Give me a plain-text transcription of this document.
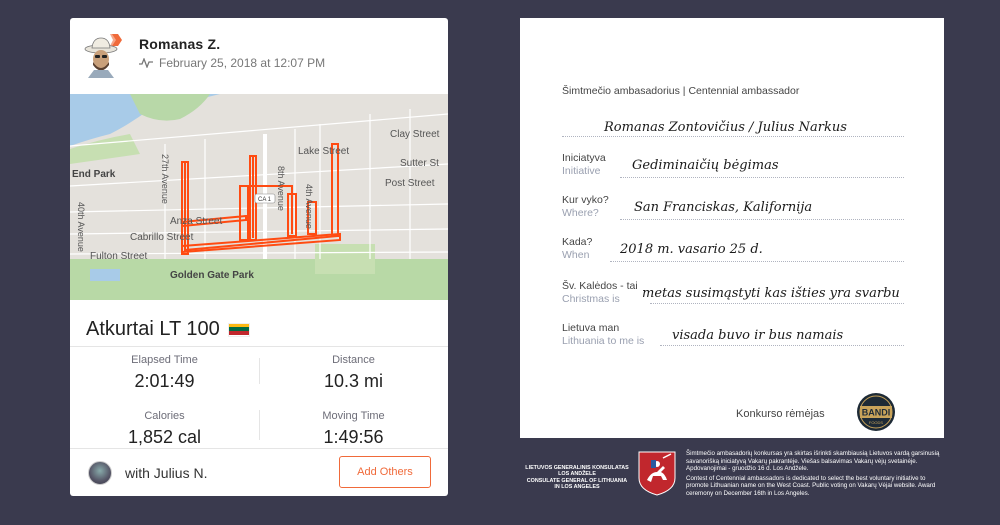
Romanas Z.
February 25, 2018 at 12:07 PM
Clay Street
Lake Street
Sutter St
Post Street
End Park
Anza Street
Cabrillo Street
Fulton Street
Golden Gate Park
27th Avenue	8th Avenue 4th Avenue
40th Avenue
CA 1
Atkurtai LT 100
Elapsed Time
2:01:49
Distance
10.3 mi
Calories
1,852 cal
Moving Time
1:49:56
with Julius N.	Add Others
Šimtmečio ambasadorius | Centennial ambassador
Romanas Zontovičius / Julius Narkus
Iniciatyva
Initiative	Gediminaičių bėgimas
Kur vyko?
Where?	San Franciskas, Kalifornija
Kada?
When	2018 m. vasario 25 d.
Šv. Kalėdos - tai
Christmas is	metas susimąstyti kas išties yra svarbu
Lietuva man
Lithuania to me is	visada buvo ir bus namais
Konkurso rėmėjas	BANDI
FOODS
LIETUVOS GENERALINIS KONSULATAS
LOS ANDŽELE
CONSULATE GENERAL OF LITHUANIA
IN LOS ANGELES
Šimtmečio ambasadorių konkursas yra skirtas išrinkti skambiausią Lietuvos vardą garsinusią savanorišką iniciatyvą Vakarų pakrantėje. Viešas balsavimas Vakarų vėjų svetainėje. Apdovanojimai - gruodžio 16 d. Los Andžele.
Contest of Centennial ambassadors is dedicated to select the best voluntary initiative to promote Lithuanian name on the West Coast. Public voting on Vakarų Vėjai website. Award ceremony on December 16th in Los Angeles.
